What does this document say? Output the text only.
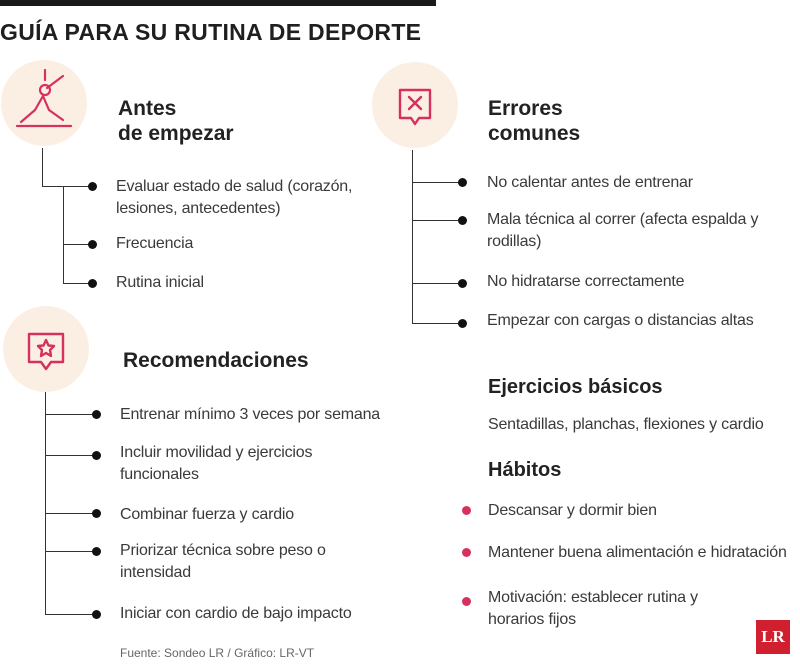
GUÍA PARA SU RUTINA DE DEPORTE
Antes
de empezar
Evaluar estado de salud (corazón, lesiones, antecedentes)
Frecuencia
Rutina inicial
Errores
comunes
No calentar antes de entrenar
Mala técnica al correr (afecta espalda y rodillas)
No hidratarse correctamente
Empezar con cargas o distancias altas
Recomendaciones
Entrenar mínimo 3 veces por semana
Incluir movilidad y ejercicios funcionales
Combinar fuerza y cardio
Priorizar técnica sobre peso o intensidad
Iniciar con cardio de bajo impacto
Ejercicios básicos
Sentadillas, planchas, flexiones y cardio
Hábitos
Descansar y dormir bien
Mantener buena alimentación e hidratación
Motivación: establecer rutina y horarios fijos
Fuente: Sondeo LR / Gráfico: LR-VT
LR
